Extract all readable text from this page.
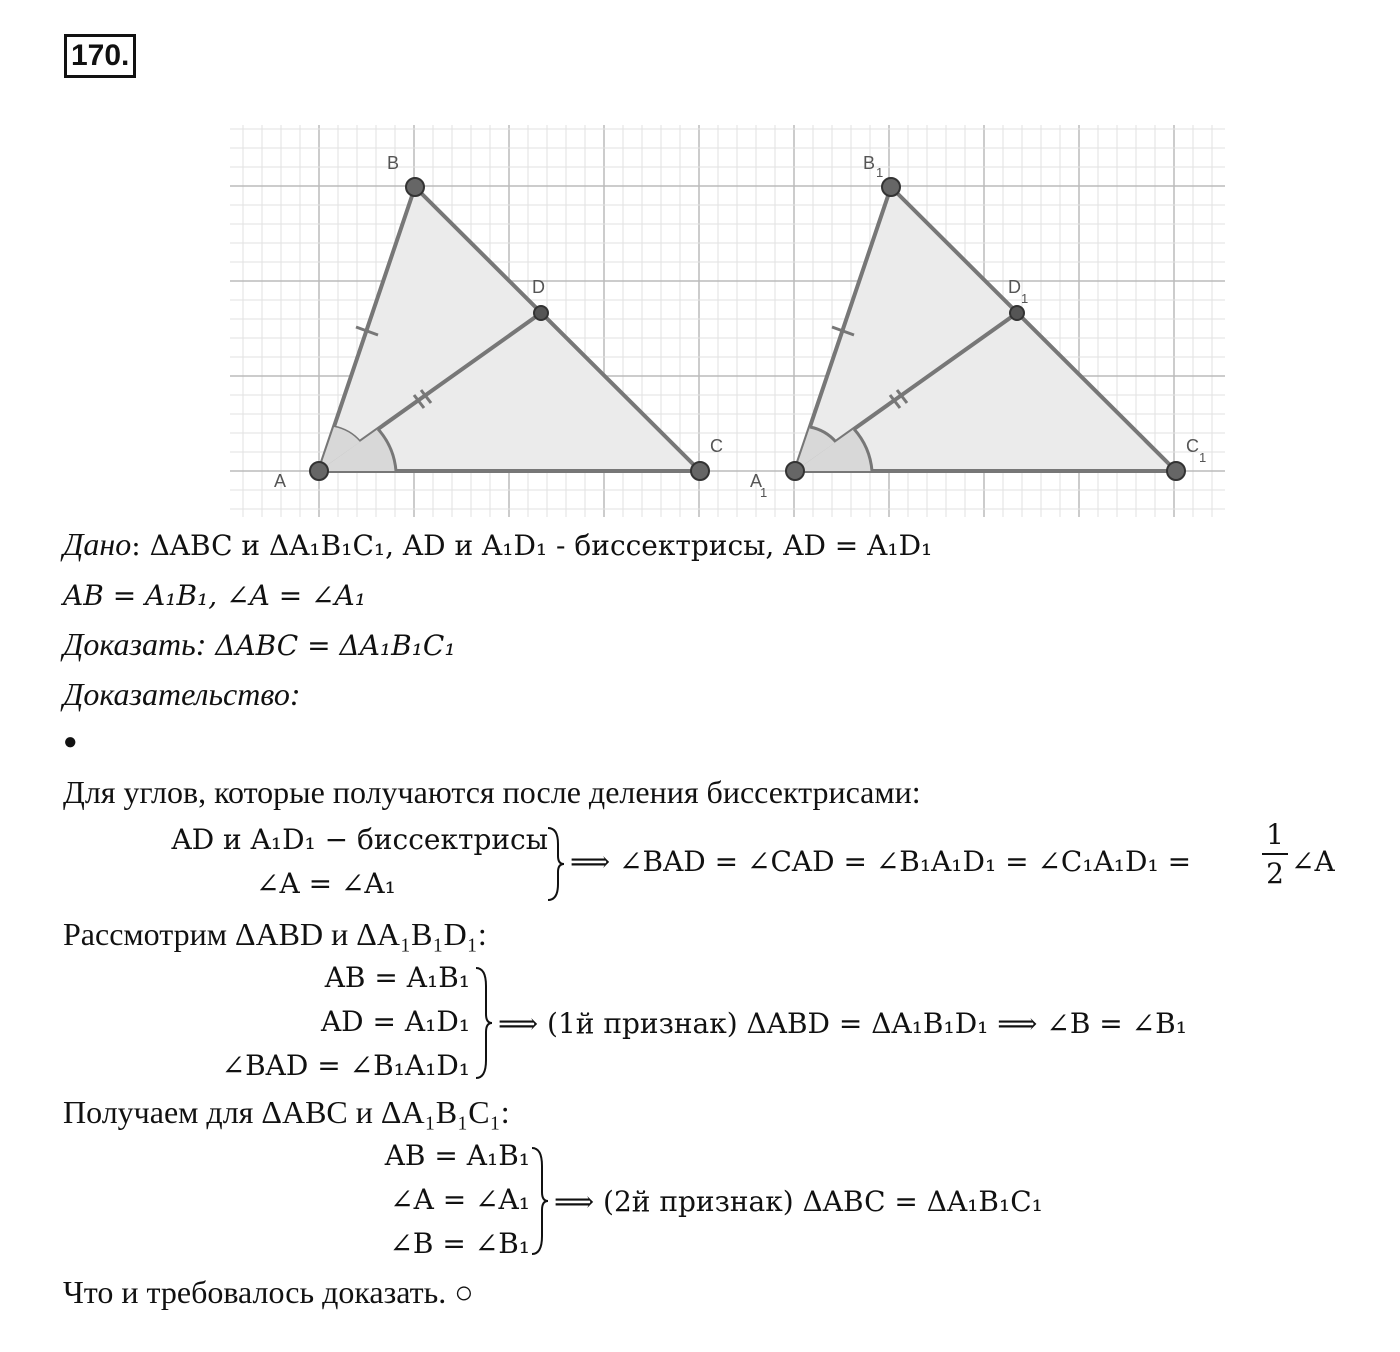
170.
A
B
C
D
A
1
B 1
C
1
D
1
Дано: ΔABC и ΔA₁B₁C₁, AD и A₁D₁ - биссектрисы, AD = A₁D₁
AB = A₁B₁, ∠A = ∠A₁
Доказать: ΔABC = ΔA₁B₁C₁
Доказательство:
●
Для углов, которые получаются после деления биссектрисами:
AD и A₁D₁ − биссектрисы
∠A = ∠A₁
⟹ ∠BAD = ∠CAD = ∠B₁A₁D₁ = ∠C₁A₁D₁ =
1
2 ∠A
Рассмотрим ΔABD и ΔA₁B₁D₁:
AB = A₁B₁
AD = A₁D₁
∠BAD = ∠B₁A₁D₁
⟹ (1й признак) ΔABD = ΔA₁B₁D₁ ⟹ ∠B = ∠B₁
Получаем для ΔABC и ΔA₁B₁C₁:
AB = A₁B₁
∠A = ∠A₁
∠B = ∠B₁
⟹ (2й признак) ΔABC = ΔA₁B₁C₁
Что и требовалось доказать. ○
